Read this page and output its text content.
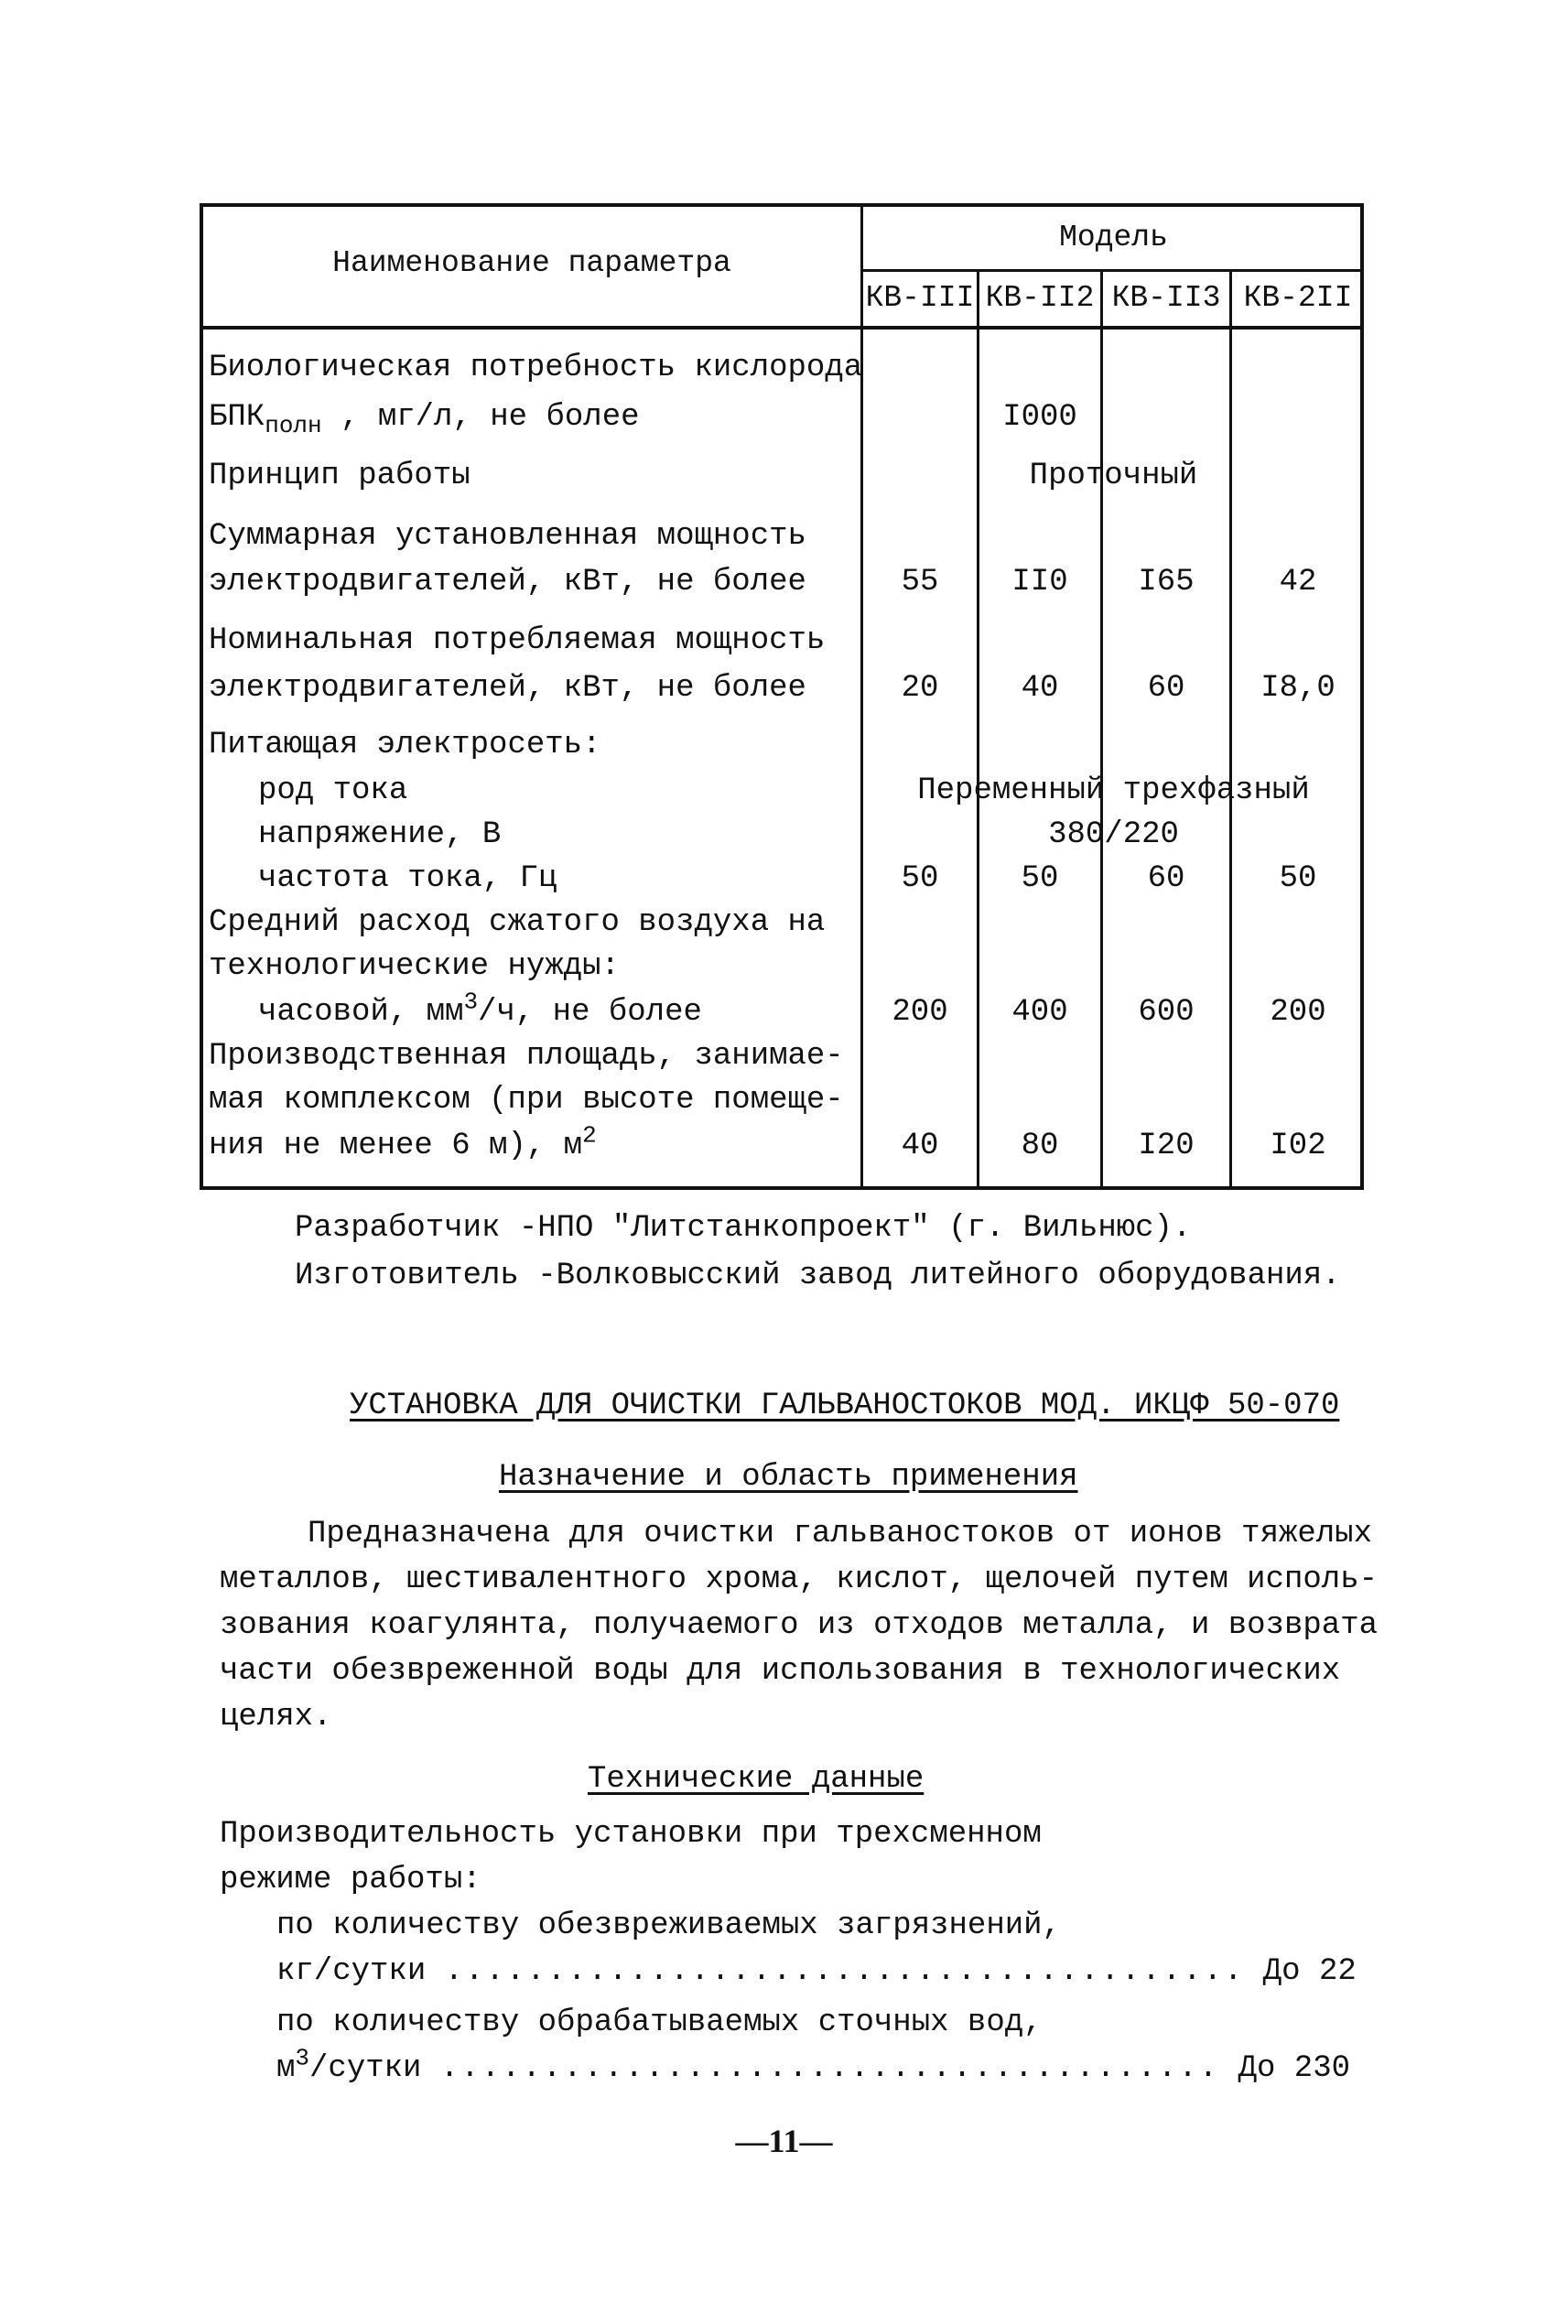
Наименование параметра
Модель
КВ-III КВ-II2 КВ-II3 КВ-2II
Биологическая потребность кислорода
$БПК_{полн}$ , мг/л, не более	I000
Принцип работы	Проточный
Суммарная установленная мощность
электродвигателей, кВт, не более	55	II0	I65	42
Номинальная потребляемая мощность
электродвигателей, кВт, не более	20	40	60	I8,0
Питающая электросеть:
род тока	Переменный трехфазный
напряжение, В	380/220
частота тока, Гц	50	50	60	50
Средний расход сжатого воздуха на
технологические нужды:
часовой, $мм^3/ч$, не более	200	400	600	200
Производственная площадь, занимае-
мая комплексом (при высоте помеще-
ния не менее 6 м), $м^2$	40	80	I20	I02
Разработчик -НПО "Литстанкопроект" (г. Вильнюс).
Изготовитель -Волковысский завод литейного оборудования.
УСТАНОВКА ДЛЯ ОЧИСТКИ ГАЛЬВАНОСТОКОВ МОД. ИКЦФ 50-070
Назначение и область применения
Предназначена для очистки гальваностоков от ионов тяжелых
металлов, шестивалентного хрома, кислот, щелочей путем исполь-
зования коагулянта, получаемого из отходов металла, и возврата
части обезвреженной воды для использования в технологических
целях.
Технические данные
Производительность установки при трехсменном
режиме работы:
по количеству обезвреживаемых загрязнений,
кг/сутки ....................................... До 22
по количеству обрабатываемых сточных вод,
$м^3$/сутки ...................................... До 230
—11—
